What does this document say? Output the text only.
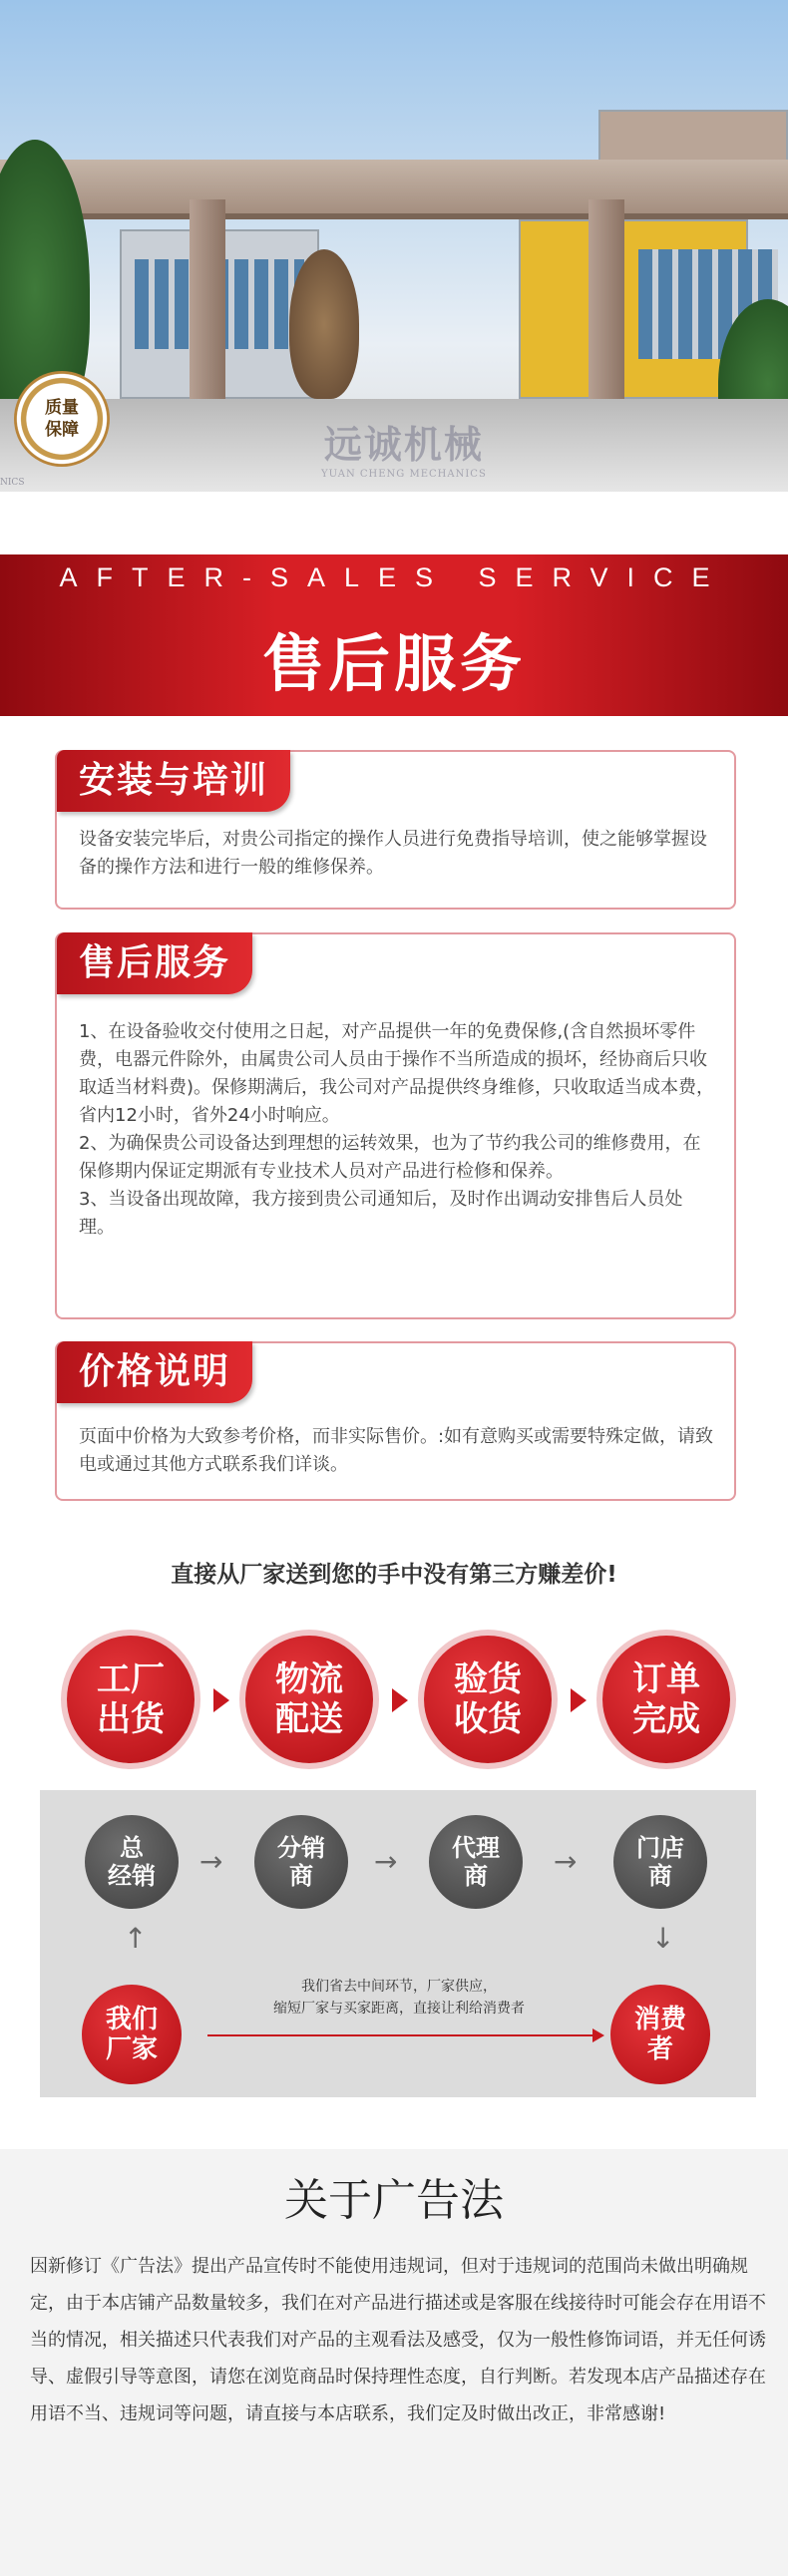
质量
保障
NICS
远诚机械
YUAN CHENG MECHANICS
AFTER-SALES SERVICE
售后服务
安装与培训
设备安装完毕后，对贵公司指定的操作人员进行免费指导培训，使之能够掌握设备的操作方法和进行一般的维修保养。
售后服务
1、在设备验收交付使用之日起，对产品提供一年的免费保修,(含自然损坏零件费，电器元件除外，由属贵公司人员由于操作不当所造成的损坏，经协商后只收取适当材料费)。保修期满后，我公司对产品提供终身维修，只收取适当成本费，省内12小时，省外24小时响应。
2、为确保贵公司设备达到理想的运转效果，也为了节约我公司的维修费用，在保修期内保证定期派有专业技术人员对产品进行检修和保养。
3、当设备出现故障，我方接到贵公司通知后，及时作出调动安排售后人员处理。
价格说明
页面中价格为大致参考价格，而非实际售价。:如有意购买或需要特殊定做，请致电或通过其他方式联系我们详谈。
直接从厂家送到您的手中没有第三方赚差价!
工厂
出货
物流
配送
验货
收货
订单
完成
总
经销 → 分销
商	→ 代理
商	→ 门店
商
↑	↓
我们
厂家
我们省去中间环节，厂家供应，
缩短厂家与买家距离，直接让利给消费者	消费
者
关于广告法
因新修订《广告法》提出产品宣传时不能使用违规词，但对于违规词的范围尚未做出明确规定，由于本店铺产品数量较多，我们在对产品进行描述或是客服在线接待时可能会存在用语不当的情况，相关描述只代表我们对产品的主观看法及感受，仅为一般性修饰词语，并无任何诱导、虚假引导等意图，请您在浏览商品时保持理性态度，自行判断。若发现本店产品描述存在用语不当、违规词等问题，请直接与本店联系，我们定及时做出改正，非常感谢!
